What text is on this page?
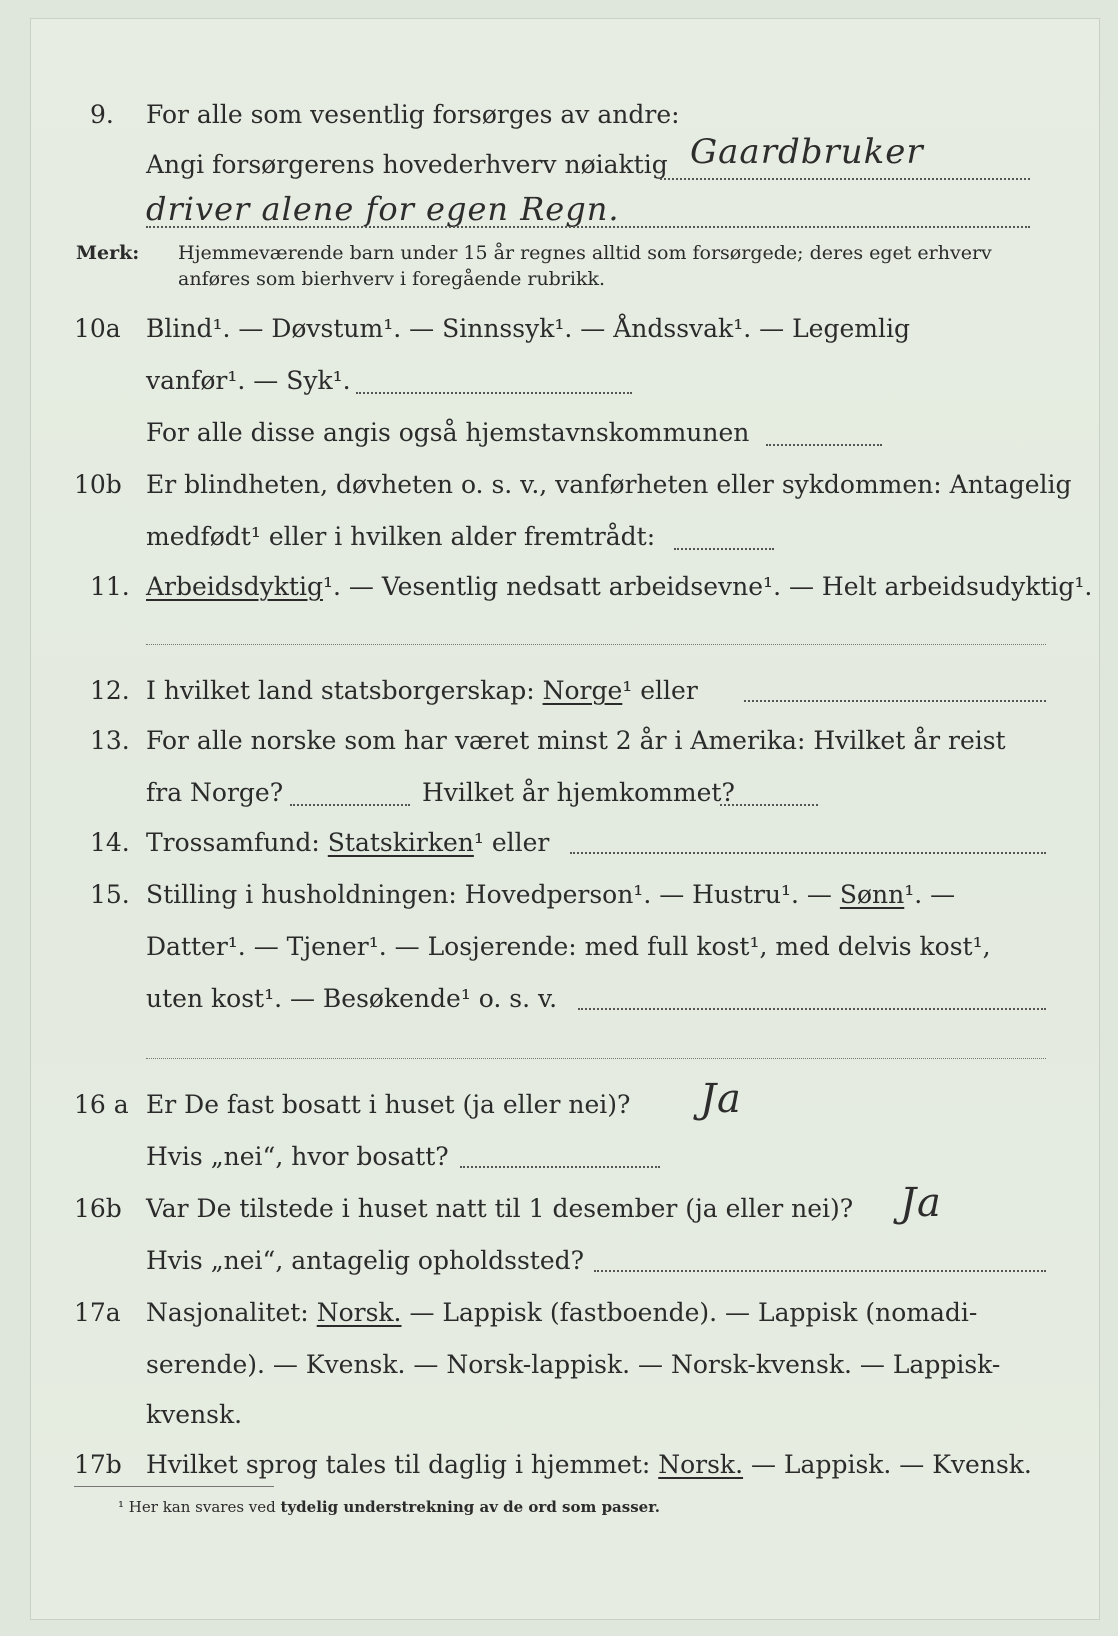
9. For alle som vesentlig forsørges av andre:
Gaardbruker
Angi forsørgerens hovederhverv nøiaktig
driver alene for egen Regn.
Merk: Hjemmeværende barn under 15 år regnes alltid som forsørgede; deres eget erhverv
anføres som bierhverv i foregående rubrikk.
10a Blind¹. — Døvstum¹. — Sinnssyk¹. — Åndssvak¹. — Legemlig
vanfør¹. — Syk¹.
For alle disse angis også hjemstavnskommunen
10b Er blindheten, døvheten o. s. v., vanførheten eller sykdommen: Antagelig
medfødt¹ eller i hvilken alder fremtrådt:
11. Arbeidsdyktig¹. — Vesentlig nedsatt arbeidsevne¹. — Helt arbeidsudyktig¹.
12. I hvilket land statsborgerskap: Norge¹ eller
13. For alle norske som har været minst 2 år i Amerika: Hvilket år reist
fra Norge?	Hvilket år hjemkommet?
14. Trossamfund: Statskirken¹ eller
15. Stilling i husholdningen: Hovedperson¹. — Hustru¹. — Sønn¹. —
Datter¹. — Tjener¹. — Losjerende: med full kost¹, med delvis kost¹,
uten kost¹. — Besøkende¹ o. s. v.
16 a Er De fast bosatt i huset (ja eller nei)? Ja
Hvis „nei“, hvor bosatt?
16b Var De tilstede i huset natt til 1 desember (ja eller nei)? Ja
Hvis „nei“, antagelig opholdssted?
17a Nasjonalitet: Norsk. — Lappisk (fastboende). — Lappisk (nomadi-
serende). — Kvensk. — Norsk-lappisk. — Norsk-kvensk. — Lappisk-
kvensk.
17b Hvilket sprog tales til daglig i hjemmet: Norsk. — Lappisk. — Kvensk.
¹ Her kan svares ved tydelig understrekning av de ord som passer.
